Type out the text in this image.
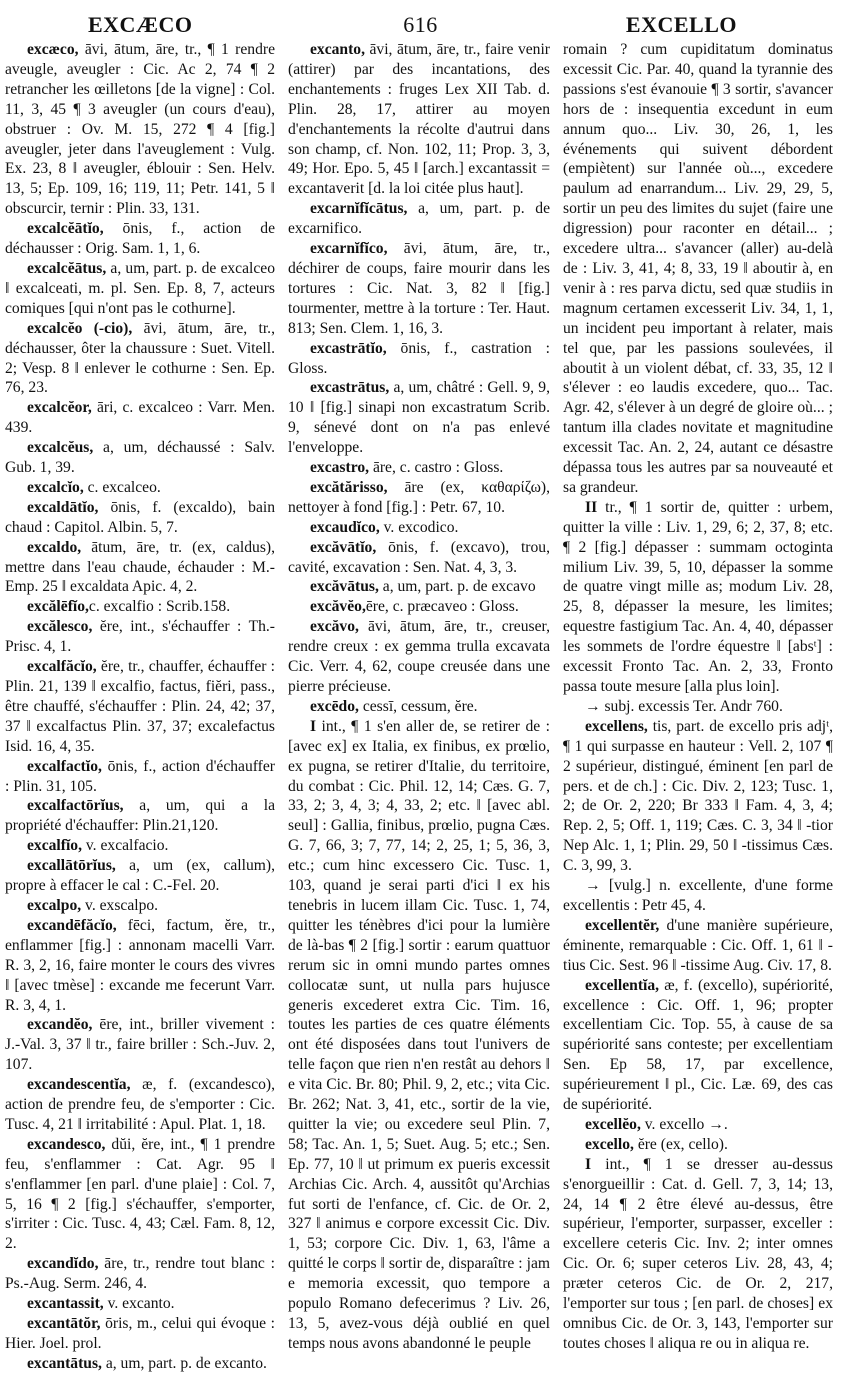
EXCÆCO	616	EXCELLO

excæco, āvi, ātum, āre, tr., ¶ 1 rendre aveugle, aveugler : Cic. Ac 2, 74 ¶ 2 retrancher les œilletons [de la vigne] : Col. 11, 3, 45 ¶ 3 aveugler (un cours d'eau), obstruer : Ov. M. 15, 272 ¶ 4 [fig.] aveugler, jeter dans l'aveuglement : Vulg. Ex. 23, 8 ‖ aveugler, éblouir : Sen. Helv. 13, 5; Ep. 109, 16; 119, 11; Petr. 141, 5 ‖ obscurcir, ternir : Plin. 33, 131.

excalcĕātĭo, ōnis, f., action de déchausser : Orig. Sam. 1, 1, 6.

excalcĕātus, a, um, part. p. de excalceo ‖ excalceati, m. pl. Sen. Ep. 8, 7, acteurs comiques [qui n'ont pas le cothurne].

excalcĕo (-cio), āvi, ātum, āre, tr., déchausser, ôter la chaussure : Suet. Vitell. 2; Vesp. 8 ‖ enlever le cothurne : Sen. Ep. 76, 23.

excalcĕor, āri, c. excalceo : Varr. Men. 439.

excalcĕus, a, um, déchaussé : Salv. Gub. 1, 39.

excalcĭo, c. excalceo.

excaldātĭo, ōnis, f. (excaldo), bain chaud : Capitol. Albin. 5, 7.

excaldo, ātum, āre, tr. (ex, caldus), mettre dans l'eau chaude, échauder : M.-Emp. 25 ‖ excaldata Apic. 4, 2.

excălēfĭo,c. excalfio : Scrib.158.

excălesco, ĕre, int., s'échauffer : Th.-Prisc. 4, 1.

excalfăcĭo, ĕre, tr., chauffer, échauffer : Plin. 21, 139 ‖ excalfio, factus, fiĕri, pass., être chauffé, s'échauffer : Plin. 24, 42; 37, 37 ‖ excalfactus Plin. 37, 37; excalefactus Isid. 16, 4, 35.

excalfactĭo, ōnis, f., action d'échauffer : Plin. 31, 105.

excalfactōrĭus, a, um, qui a la propriété d'échauffer: Plin.21,120.

excalfĭo, v. excalfacio.

excallātōrĭus, a, um (ex, callum), propre à effacer le cal : C.-Fel. 20.

excalpo, v. exscalpo.

excandēfăcĭo, fēci, factum, ĕre, tr., enflammer [fig.] : annonam macelli Varr. R. 3, 2, 16, faire monter le cours des vivres ‖ [avec tmèse] : excande me fecerunt Varr. R. 3, 4, 1.

excandĕo, ēre, int., briller vivement : J.-Val. 3, 37 ‖ tr., faire briller : Sch.-Juv. 2, 107.

excandescentĭa, æ, f. (excandesco), action de prendre feu, de s'emporter : Cic. Tusc. 4, 21 ‖ irritabilité : Apul. Plat. 1, 18.

excandesco, dŭi, ĕre, int., ¶ 1 prendre feu, s'enflammer : Cat. Agr. 95 ‖ s'enflammer [en parl. d'une plaie] : Col. 7, 5, 16 ¶ 2 [fig.] s'échauffer, s'emporter, s'irriter : Cic. Tusc. 4, 43; Cæl. Fam. 8, 12, 2.

excandĭdo, āre, tr., rendre tout blanc : Ps.-Aug. Serm. 246, 4.

excantassit, v. excanto.

excantātŏr, ōris, m., celui qui évoque : Hier. Joel. prol.

excantātus, a, um, part. p. de excanto.

excanto, āvi, ātum, āre, tr., faire venir (attirer) par des incantations, des enchantements : fruges Lex XII Tab. d. Plin. 28, 17, attirer au moyen d'enchantements la récolte d'autrui dans son champ, cf. Non. 102, 11; Prop. 3, 3, 49; Hor. Epo. 5, 45 ‖ [arch.] excantassit = excantaverit [d. la loi citée plus haut].

excarnĭfĭcātus, a, um, part. p. de excarnifico.

excarnĭfĭco, āvi, ātum, āre, tr., déchirer de coups, faire mourir dans les tortures : Cic. Nat. 3, 82 ‖ [fig.] tourmenter, mettre à la torture : Ter. Haut. 813; Sen. Clem. 1, 16, 3.

excastrātĭo, ōnis, f., castration : Gloss.

excastrātus, a, um, châtré : Gell. 9, 9, 10 ‖ [fig.] sinapi non excastratum Scrib. 9, sénevé dont on n'a pas enlevé l'enveloppe.

excastro, āre, c. castro : Gloss.

excătărisso, āre (ex, καθαρίζω), nettoyer à fond [fig.] : Petr. 67, 10.

excaudĭco, v. excodico.

excăvātĭo, ōnis, f. (excavo), trou, cavité, excavation : Sen. Nat. 4, 3, 3.

excăvātus, a, um, part. p. de excavo

excăvĕo,ēre, c. præcaveo : Gloss.

excăvo, āvi, ātum, āre, tr., creuser, rendre creux : ex gemma trulla excavata Cic. Verr. 4, 62, coupe creusée dans une pierre précieuse.

excēdo, cessī, cessum, ĕre.

I int., ¶ 1 s'en aller de, se retirer de : [avec ex] ex Italia, ex finibus, ex prœlio, ex pugna, se retirer d'Italie, du territoire, du combat : Cic. Phil. 12, 14; Cæs. G. 7, 33, 2; 3, 4, 3; 4, 33, 2; etc. ‖ [avec abl. seul] : Gallia, finibus, prœlio, pugna Cæs. G. 7, 66, 3; 7, 77, 14; 2, 25, 1; 5, 36, 3, etc.; cum hinc excessero Cic. Tusc. 1, 103, quand je serai parti d'ici ‖ ex his tenebris in lucem illam Cic. Tusc. 1, 74, quitter les ténèbres d'ici pour la lumière de là-bas ¶ 2 [fig.] sortir : earum quattuor rerum sic in omni mundo partes omnes collocatæ sunt, ut nulla pars hujusce generis excederet extra Cic. Tim. 16, toutes les parties de ces quatre éléments ont été disposées dans tout l'univers de telle façon que rien n'en restât au dehors ‖ e vita Cic. Br. 80; Phil. 9, 2, etc.; vita Cic. Br. 262; Nat. 3, 41, etc., sortir de la vie, quitter la vie; ou excedere seul Plin. 7, 58; Tac. An. 1, 5; Suet. Aug. 5; etc.; Sen. Ep. 77, 10 ‖ ut primum ex pueris excessit Archias Cic. Arch. 4, aussitôt qu'Archias fut sorti de l'enfance, cf. Cic. de Or. 2, 327 ‖ animus e corpore excessit Cic. Div. 1, 53; corpore Cic. Div. 1, 63, l'âme a quitté le corps ‖ sortir de, disparaître : jam e memoria excessit, quo tempore a populo Romano defecerimus ? Liv. 26, 13, 5, avez-vous déjà oublié en quel temps nous avons abandonné le peuple

romain ? cum cupiditatum dominatus excessit Cic. Par. 40, quand la tyrannie des passions s'est évanouie ¶ 3 sortir, s'avancer hors de : insequentia excedunt in eum annum quo... Liv. 30, 26, 1, les événements qui suivent débordent (empiètent) sur l'année où..., excedere paulum ad enarrandum... Liv. 29, 29, 5, sortir un peu des limites du sujet (faire une digression) pour raconter en détail... ; excedere ultra... s'avancer (aller) au-delà de : Liv. 3, 41, 4; 8, 33, 19 ‖ aboutir à, en venir à : res parva dictu, sed quæ studiis in magnum certamen excesserit Liv. 34, 1, 1, un incident peu important à relater, mais tel que, par les passions soulevées, il aboutit à un violent débat, cf. 33, 35, 12 ‖ s'élever : eo laudis excedere, quo... Tac. Agr. 42, s'élever à un degré de gloire où... ; tantum illa clades novitate et magnitudine excessit Tac. An. 2, 24, autant ce désastre dépassa tous les autres par sa nouveauté et sa grandeur.

II tr., ¶ 1 sortir de, quitter : urbem, quitter la ville : Liv. 1, 29, 6; 2, 37, 8; etc. ¶ 2 [fig.] dépasser : summam octoginta milium Liv. 39, 5, 10, dépasser la somme de quatre vingt mille as; modum Liv. 28, 25, 8, dépasser la mesure, les limites; equestre fastigium Tac. An. 4, 40, dépasser les sommets de l'ordre équestre ‖ [absᵗ] : excessit Fronto Tac. An. 2, 33, Fronto passa toute mesure [alla plus loin].

→ subj. excessis Ter. Andr 760.

excellens, tis, part. de excello pris adjᵗ, ¶ 1 qui surpasse en hauteur : Vell. 2, 107 ¶ 2 supérieur, distingué, éminent [en parl de pers. et de ch.] : Cic. Div. 2, 123; Tusc. 1, 2; de Or. 2, 220; Br 333 ‖ Fam. 4, 3, 4; Rep. 2, 5; Off. 1, 119; Cæs. C. 3, 34 ‖ -tior Nep Alc. 1, 1; Plin. 29, 50 ‖ -tissimus Cæs. C. 3, 99, 3.

→ [vulg.] n. excellente, d'une forme excellentis : Petr 45, 4.

excellentĕr, d'une manière supérieure, éminente, remarquable : Cic. Off. 1, 61 ‖ -tius Cic. Sest. 96 ‖ -tissime Aug. Civ. 17, 8.

excellentĭa, æ, f. (excello), supériorité, excellence : Cic. Off. 1, 96; propter excellentiam Cic. Top. 55, à cause de sa supériorité sans conteste; per excellentiam Sen. Ep 58, 17, par excellence, supérieurement ‖ pl., Cic. Læ. 69, des cas de supériorité.

excellĕo, v. excello →.

excello, ĕre (ex, cello).

I int., ¶ 1 se dresser au-dessus s'enorgueillir : Cat. d. Gell. 7, 3, 14; 13, 24, 14 ¶ 2 être élevé au-dessus, être supérieur, l'emporter, surpasser, exceller : excellere ceteris Cic. Inv. 2; inter omnes Cic. Or. 6; super ceteros Liv. 28, 43, 4; præter ceteros Cic. de Or. 2, 217, l'emporter sur tous ; [en parl. de choses] ex omnibus Cic. de Or. 3, 143, l'emporter sur toutes choses ‖ aliqua re ou in aliqua re.
